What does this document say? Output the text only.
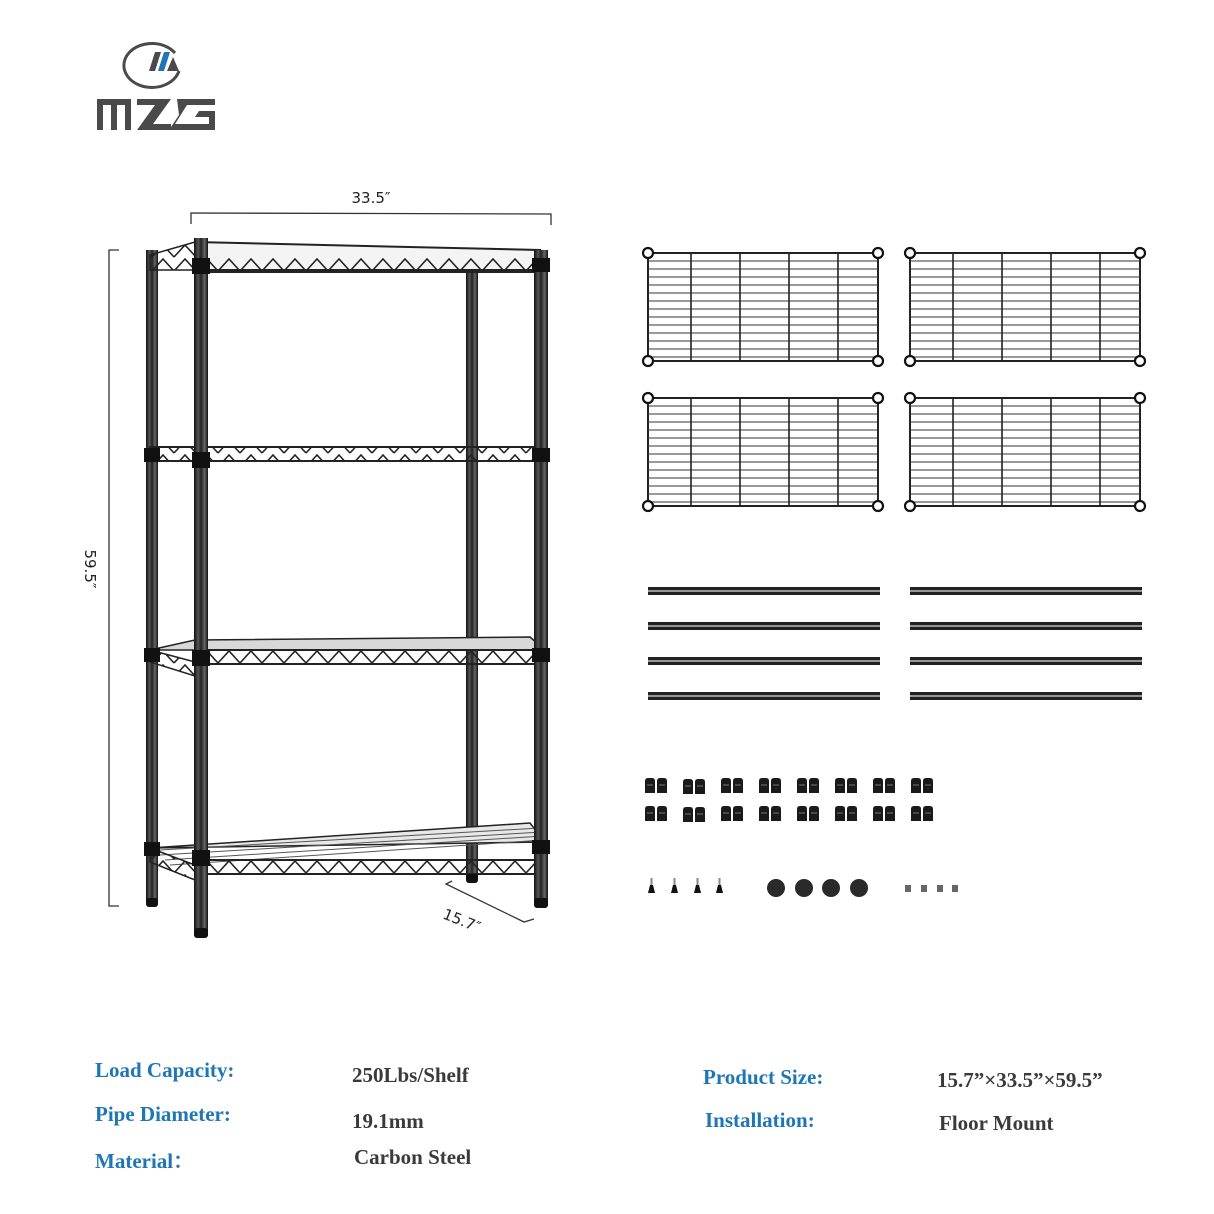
33.5″
59.5″
15.7″
Load Capacity:	250Lbs/Shelf
Pipe Diameter:	19.1mm
Material：	Carbon Steel
Product Size:	15.7”×33.5”×59.5”
Installation:	Floor Mount
